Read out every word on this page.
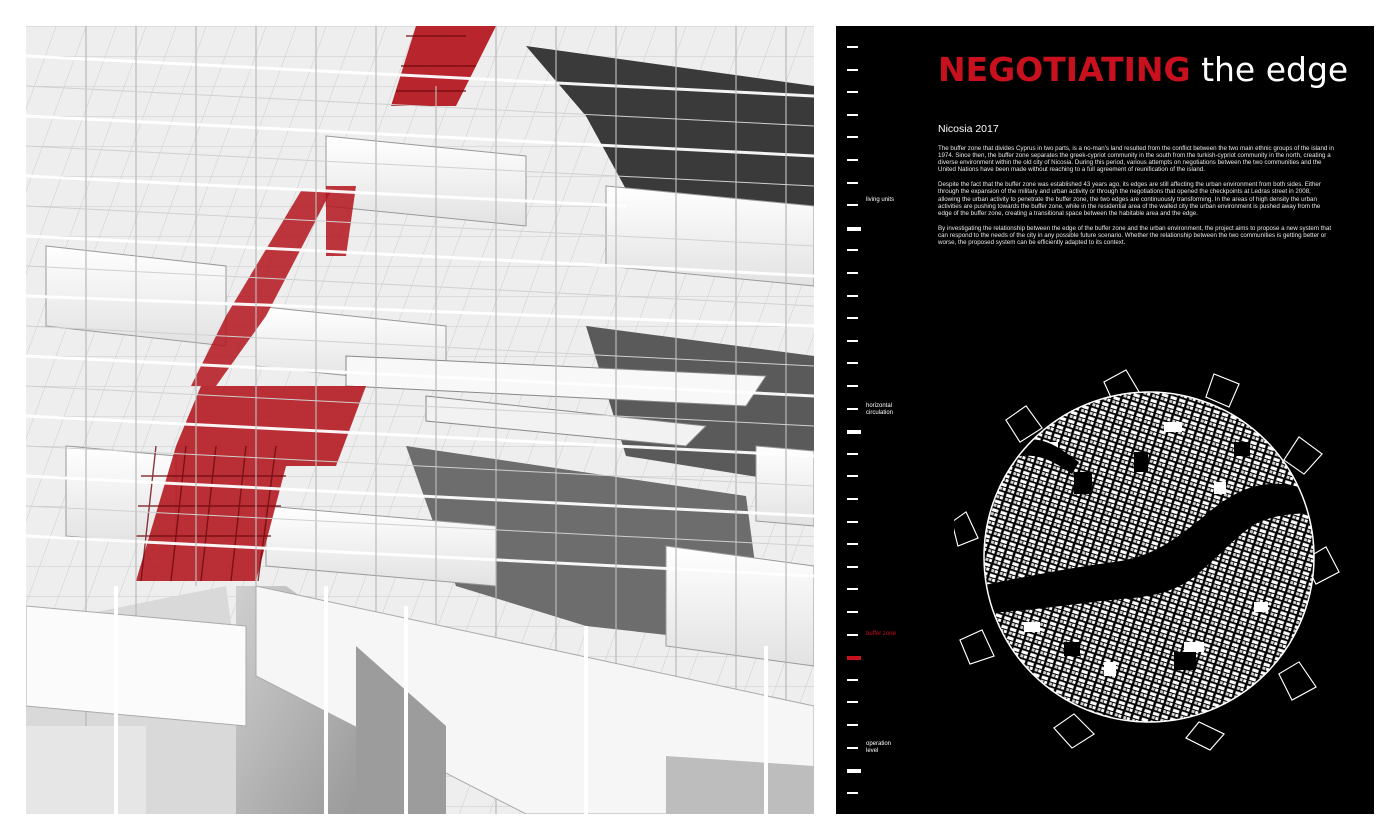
NEGOTIATING the edge
Nicosia 2017

The buffer zone that divides Cyprus in two parts, is a no-man's land resulted from the conflict between the two main ethnic groups of the island in 1974. Since then, the buffer zone separates the greek-cypriot community in the south from the turkish-cypriot community in the north, creating a diverse environment within the old city of Nicosia. During this period, various attempts on negotiations between the two communities and the United Nations have been made without reaching to a full agreement of reunification of the island.

Despite the fact that the buffer zone was established 43 years ago, its edges are still affecting the urban environment from both sides. Either through the expansion of the military and urban activity or through the negotiations that opened the checkpoints at Ledras street in 2008, allowing the urban activity to penetrate the buffer zone, the two edges are continuously transforming. In the areas of high density the urban activities are pushing towards the buffer zone, while in the residential area of the walled city the urban environment is pushed away from the edge of the buffer zone, creating a transitional space between the habitable area and the edge.

By investigating the relationship between the edge of the buffer zone and the urban environment, the project aims to propose a new system that can respond to the needs of the city in any possible future scenario. Whether the relationship between the two communities is getting better or worse, the proposed system can be efficiently adapted to its context.

living units
horizontal
circulation
buffer zone
operation
level
